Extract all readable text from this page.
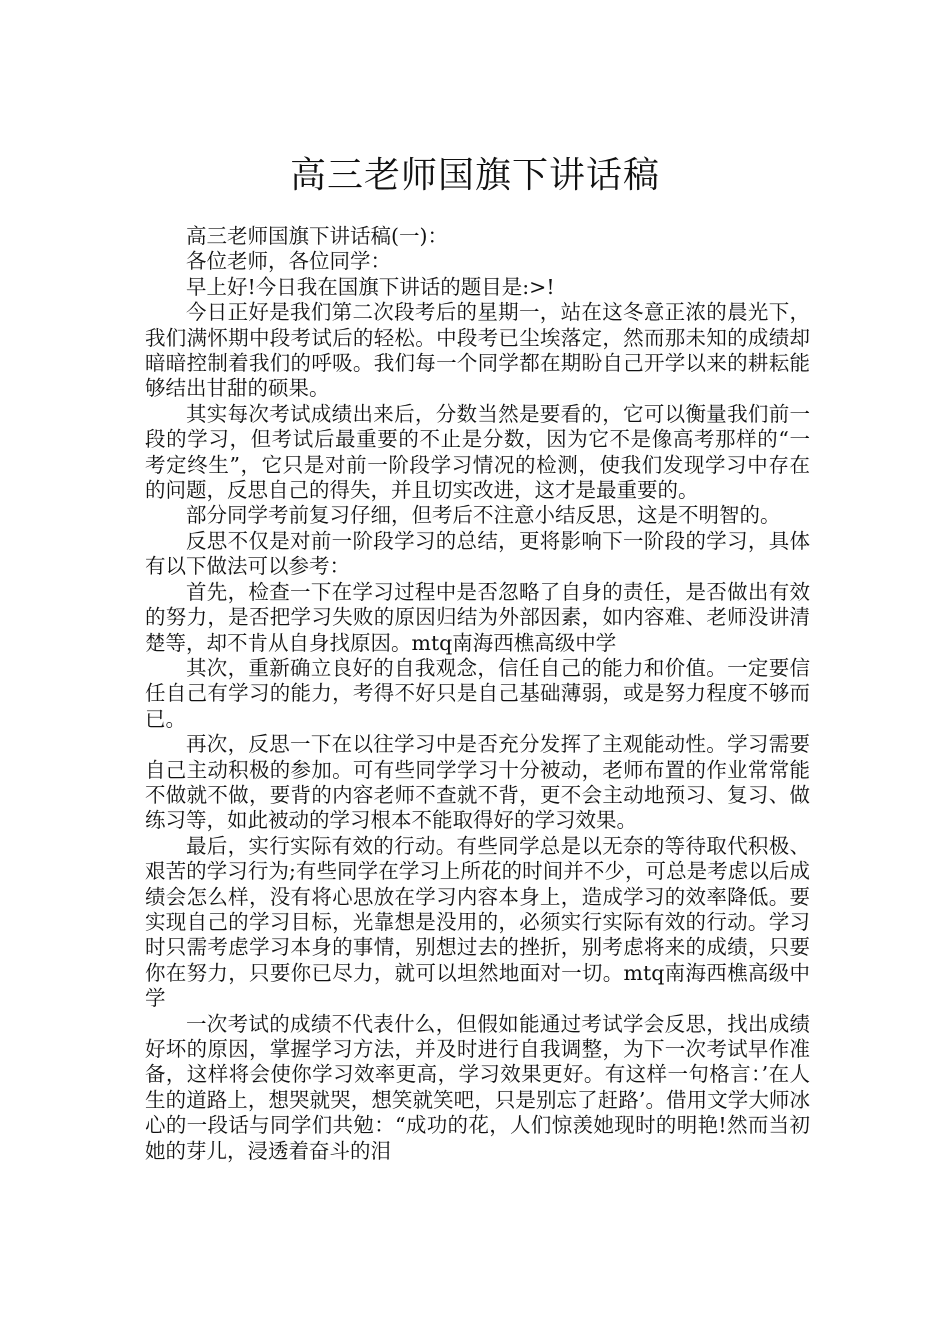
高三老师国旗下讲话稿

高三老师国旗下讲话稿(一)：

各位老师，各位同学：

早上好!今日我在国旗下讲话的题目是:>!

今日正好是我们第二次段考后的星期一，站在这冬意正浓的晨光下，我们满怀期中段考试后的轻松。中段考已尘埃落定，然而那未知的成绩却暗暗控制着我们的呼吸。我们每一个同学都在期盼自己开学以来的耕耘能够结出甘甜的硕果。

其实每次考试成绩出来后，分数当然是要看的，它可以衡量我们前一段的学习，但考试后最重要的不止是分数，因为它不是像高考那样的“一考定终生”，它只是对前一阶段学习情况的检测，使我们发现学习中存在的问题，反思自己的得失，并且切实改进，这才是最重要的。

部分同学考前复习仔细，但考后不注意小结反思，这是不明智的。

反思不仅是对前一阶段学习的总结，更将影响下一阶段的学习，具体有以下做法可以参考：

首先，检查一下在学习过程中是否忽略了自身的责任，是否做出有效的努力，是否把学习失败的原因归结为外部因素，如内容难、老师没讲清楚等，却不肯从自身找原因。mtq南海西樵高级中学

其次，重新确立良好的自我观念，信任自己的能力和价值。一定要信任自己有学习的能力，考得不好只是自己基础薄弱，或是努力程度不够而已。

再次，反思一下在以往学习中是否充分发挥了主观能动性。学习需要自己主动积极的参加。可有些同学学习十分被动，老师布置的作业常常能不做就不做，要背的内容老师不查就不背，更不会主动地预习、复习、做练习等，如此被动的学习根本不能取得好的学习效果。

最后，实行实际有效的行动。有些同学总是以无奈的等待取代积极、艰苦的学习行为;有些同学在学习上所花的时间并不少，可总是考虑以后成绩会怎么样，没有将心思放在学习内容本身上，造成学习的效率降低。要实现自己的学习目标，光靠想是没用的，必须实行实际有效的行动。学习时只需考虑学习本身的事情，别想过去的挫折，别考虑将来的成绩，只要你在努力，只要你已尽力，就可以坦然地面对一切。mtq南海西樵高级中学

一次考试的成绩不代表什么，但假如能通过考试学会反思，找出成绩好坏的原因，掌握学习方法，并及时进行自我调整，为下一次考试早作准备，这样将会使你学习效率更高，学习效果更好。有这样一句格言：’在人生的道路上，想哭就哭，想笑就笑吧，只是别忘了赶路’。借用文学大师冰心的一段话与同学们共勉：“成功的花，人们惊羡她现时的明艳!然而当初她的芽儿，浸透着奋斗的泪
